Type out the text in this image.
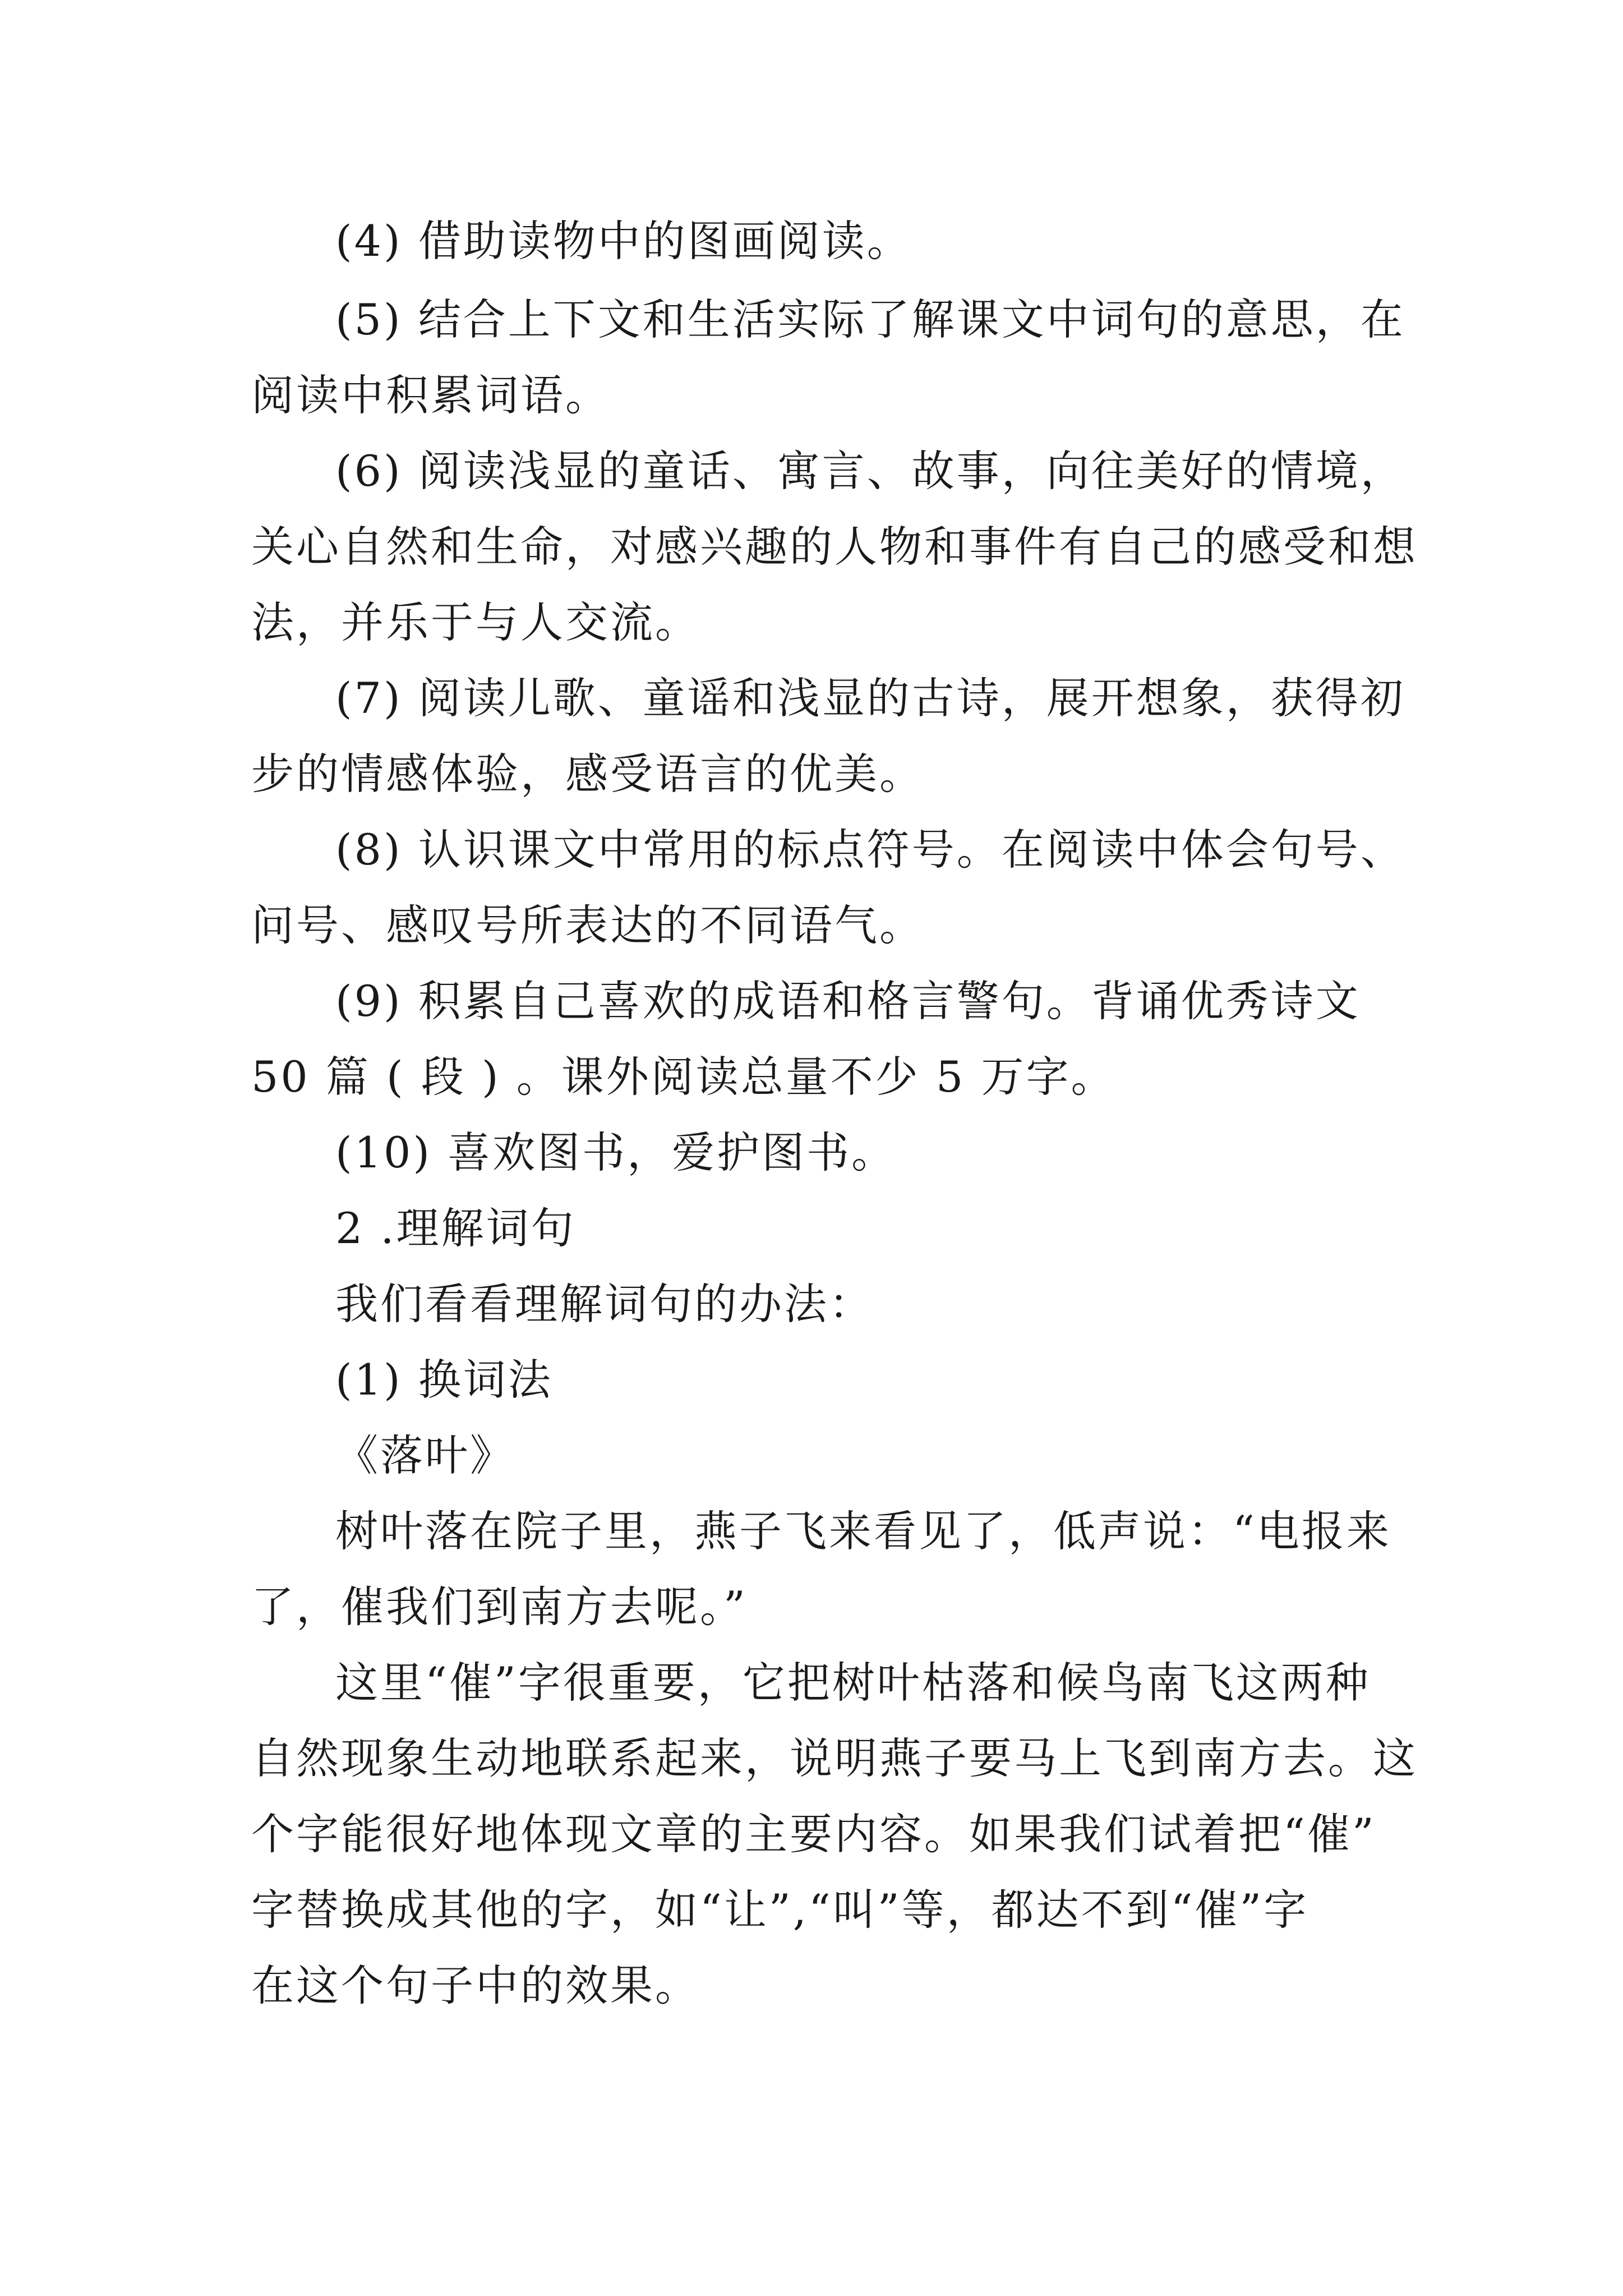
(4) 借助读物中的图画阅读。
(5) 结合上下文和生活实际了解课文中词句的意思，在
阅读中积累词语。
(6) 阅读浅显的童话、寓言、故事，向往美好的情境，
关心自然和生命，对感兴趣的人物和事件有自己的感受和想
法，并乐于与人交流。
(7) 阅读儿歌、童谣和浅显的古诗，展开想象，获得初
步的情感体验，感受语言的优美。
(8) 认识课文中常用的标点符号。在阅读中体会句号、
问号、感叹号所表达的不同语气。
(9) 积累自己喜欢的成语和格言警句。背诵优秀诗文
50 篇 ( 段 ) 。课外阅读总量不少 5 万字。
(10) 喜欢图书，爱护图书。
2 .理解词句
我们看看理解词句的办法：
(1) 换词法
《落叶》
树叶落在院子里，燕子飞来看见了，低声说：“电报来
了，催我们到南方去呢。”
这里“催”字很重要，它把树叶枯落和候鸟南飞这两种
自然现象生动地联系起来，说明燕子要马上飞到南方去。这
个字能很好地体现文章的主要内容。如果我们试着把“催”
字替换成其他的字，如“让”,“叫”等，都达不到“催”字
在这个句子中的效果。
